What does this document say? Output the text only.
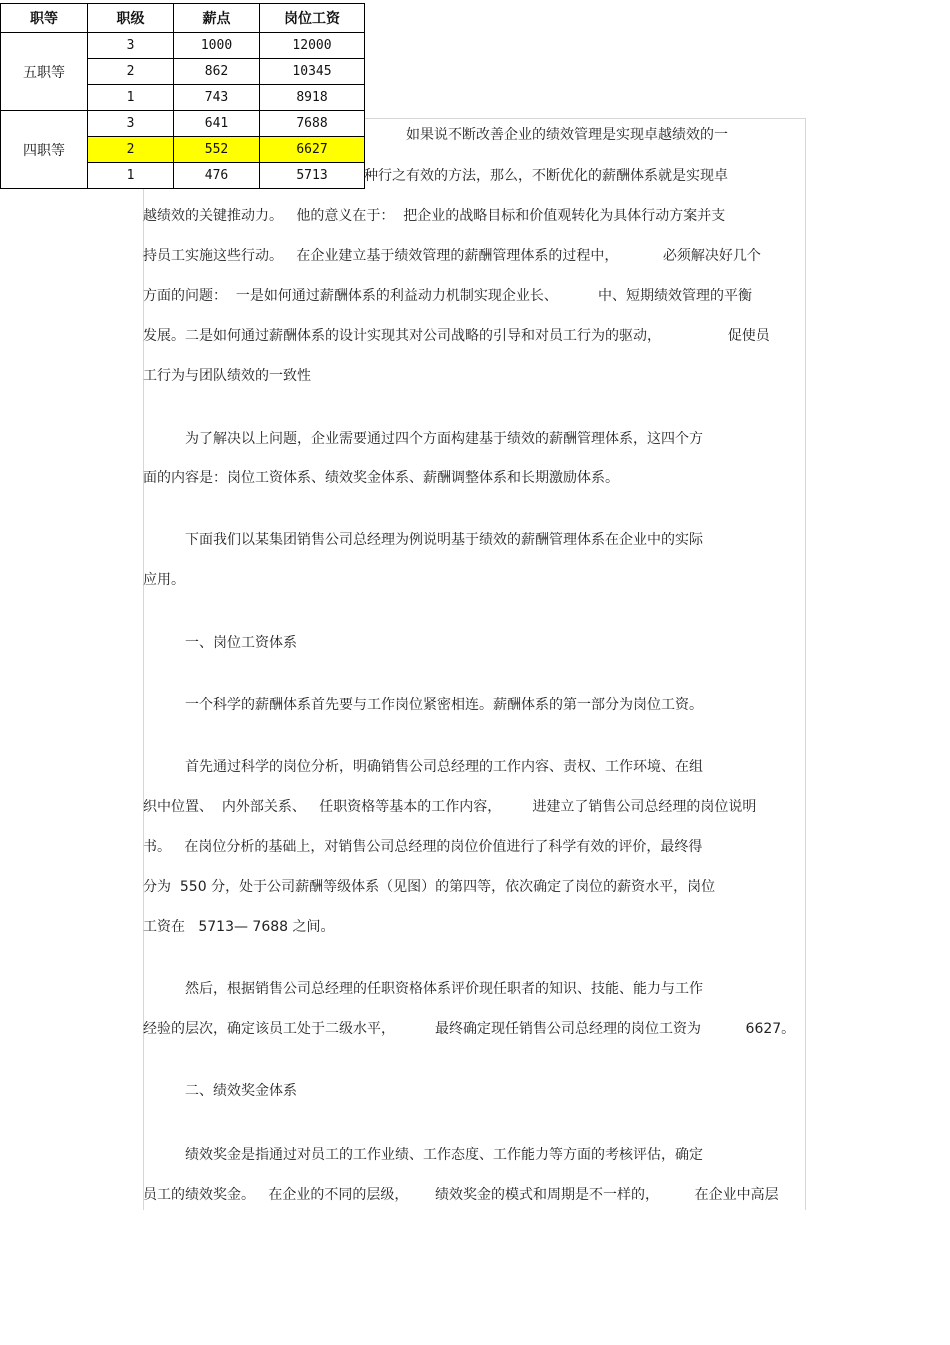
职等	职级	薪点	岗位工资
五职等	3	1000	12000
	2	862	10345
	1	743	8918
四职等	3	641	7688
	2	552	6627
	1	476	5713
如果说不断改善企业的绩效管理是实现卓越绩效的一
种行之有效的方法，那么，不断优化的薪酬体系就是实现卓
越绩效的关键推动力。   他的意义在于：  把企业的战略目标和价值观转化为具体行动方案并支
持员工实施这些行动。   在企业建立基于绩效管理的薪酬管理体系的过程中，          必须解决好几个
方面的问题：  一是如何通过薪酬体系的利益动力机制实现企业长、         中、短期绩效管理的平衡
发展。二是如何通过薪酬体系的设计实现其对公司战略的引导和对员工行为的驱动，               促使员
工行为与团队绩效的一致性
为了解决以上问题，企业需要通过四个方面构建基于绩效的薪酬管理体系，这四个方
面的内容是：岗位工资体系、绩效奖金体系、薪酬调整体系和长期激励体系。
下面我们以某集团销售公司总经理为例说明基于绩效的薪酬管理体系在企业中的实际
应用。
一、岗位工资体系
一个科学的薪酬体系首先要与工作岗位紧密相连。薪酬体系的第一部分为岗位工资。
首先通过科学的岗位分析，明确销售公司总经理的工作内容、责权、工作环境、在组
织中位置、  内外部关系、   任职资格等基本的工作内容，       进建立了销售公司总经理的岗位说明
书。   在岗位分析的基础上，对销售公司总经理的岗位价值进行了科学有效的评价，最终得
分为  550 分，处于公司薪酬等级体系（见图）的第四等，依次确定了岗位的薪资水平，岗位
工资在   5713— 7688 之间。
然后，根据销售公司总经理的任职资格体系评价现任职者的知识、技能、能力与工作
经验的层次，确定该员工处于二级水平，         最终确定现任销售公司总经理的岗位工资为          6627。
二、绩效奖金体系
绩效奖金是指通过对员工的工作业绩、工作态度、工作能力等方面的考核评估，确定
员工的绩效奖金。   在企业的不同的层级，      绩效奖金的模式和周期是不一样的，        在企业中高层
